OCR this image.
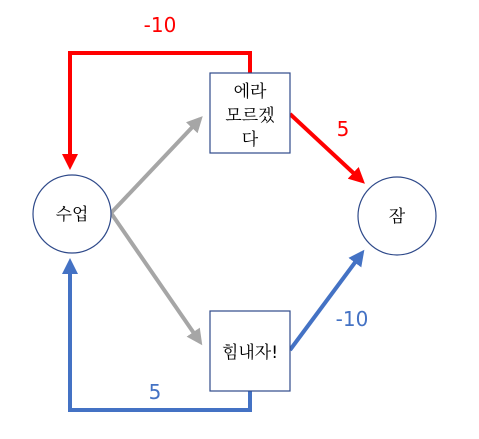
수업
에라
모르겠
다
힘내자!
잠
-10
5
-10
5
